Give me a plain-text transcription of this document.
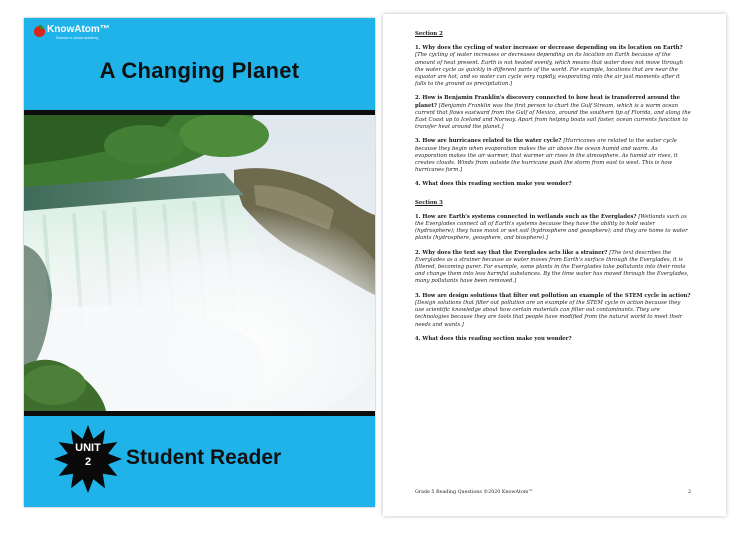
KnowAtom™
Science in school academy
A Changing Planet
UNIT
2	Student Reader
Section 2
1. Why does the cycling of water increase or decrease depending on its location on Earth? [The cycling of water increases or decreases depending on its location on Earth because of the amount of heat present. Earth is not heated evenly, which means that water does not move through the water cycle as quickly in different parts of the world. For example, locations that are near the equator are hot, and so water can cycle very rapidly, evaporating into the air just moments after it falls to the ground as precipitation.]
2. How is Benjamin Franklin's discovery connected to how heat is transferred around the planet? [Benjamin Franklin was the first person to chart the Gulf Stream, which is a warm ocean current that flows eastward from the Gulf of Mexico, around the southern tip of Florida, and along the East Coast up to Iceland and Norway. Apart from helping boats sail faster, ocean currents function to transfer heat around the planet.]
3. How are hurricanes related to the water cycle? [Hurricanes are related to the water cycle because they begin when evaporation makes the air above the ocean humid and warm. As evaporation makes the air warmer, that warmer air rises in the atmosphere. As humid air rises, it creates clouds. Winds from outside the hurricane push the storm from east to west. This is how hurricanes form.]
4. What does this reading section make you wonder?
Section 3
1. How are Earth's systems connected in wetlands such as the Everglades? [Wetlands such as the Everglades connect all of Earth's systems because they have the ability to hold water (hydrosphere); they have moist or wet soil (hydrosphere and geosphere); and they are home to water plants (hydrosphere, geosphere, and biosphere).]
2. Why does the text say that the Everglades acts like a strainer? [The text describes the Everglades as a strainer because as water moves from Earth's surface through the Everglades, it is filtered, becoming purer. For example, some plants in the Everglades take pollutants into their roots and change them into less harmful substances. By the time water has moved through the Everglades, many pollutants have been removed.]
3. How are design solutions that filter out pollution an example of the STEM cycle in action? [Design solutions that filter out pollution are an example of the STEM cycle in action because they use scientific knowledge about how certain materials can filter out contaminants. They are technologies because they are tools that people have modified from the natural world to meet their needs and wants.]
4. What does this reading section make you wonder?
Grade 5 Reading Questions ©2020 KnowAtom™	2
